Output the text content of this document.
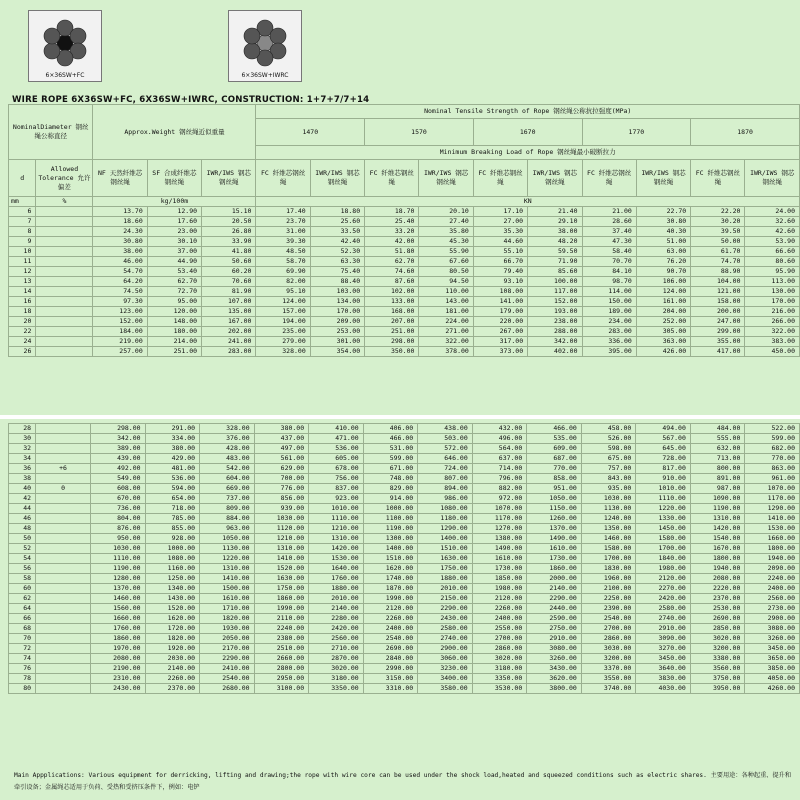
6×36SW+FC	6×36SW+IWRC
WIRE ROPE 6X36SW+FC, 6X36SW+IWRC, CONSTRUCTION: 1+7+7/7+14
NominalDiameter 钢丝绳公称直径		Approx.Weight 钢丝绳近似重量			Nominal Tensile Strength of Rope 钢丝绳公称抗拉强度(MPa)									
					1470		1570		1670		1770		1870	

					Minimum Breaking Load of Rope 钢丝绳最小破断拉力									
d	Allowed Tolerance 允许偏差	NF 天然纤维芯钢丝绳	SF 合成纤维芯钢丝绳	IWR/IWS 钢芯钢丝绳	FC 纤维芯钢丝绳	IWR/IWS 钢芯钢丝绳	FC 纤维芯钢丝绳	IWR/IWS 钢芯钢丝绳	FC 纤维芯钢丝绳	IWR/IWS 钢芯钢丝绳	FC 纤维芯钢丝绳	IWR/IWS 钢芯钢丝绳	FC 纤维芯钢丝绳	IWR/IWS 钢芯钢丝绳
mm	%	kg/100m			KN									
6		13.70	12.90	15.10	17.40	18.80	18.70	20.10	17.10	21.40	21.00	22.70	22.20	24.00
7		18.60	17.60	20.50	23.70	25.60	25.40	27.40	27.00	29.10	28.60	30.80	30.20	32.60
8		24.30	23.00	26.80	31.00	33.50	33.20	35.80	35.30	38.00	37.40	40.30	39.50	42.60
9		30.80	30.10	33.90	39.30	42.40	42.00	45.30	44.60	48.20	47.30	51.00	50.00	53.90
10		38.00	37.00	41.80	48.50	52.30	51.80	55.90	55.10	59.50	58.40	63.00	61.70	66.60
11		46.00	44.90	50.60	58.70	63.30	62.70	67.60	66.70	71.90	70.70	76.20	74.70	80.60
12		54.70	53.40	60.20	69.90	75.40	74.60	80.50	79.40	85.60	84.10	90.70	88.90	95.90
13		64.20	62.70	70.60	82.00	88.40	87.60	94.50	93.10	100.00	98.70	106.00	104.00	113.00
14		74.50	72.70	81.90	95.10	103.00	102.00	110.00	108.00	117.00	114.00	124.00	121.00	130.00
16		97.30	95.00	107.00	124.00	134.00	133.00	143.00	141.00	152.00	150.00	161.00	158.00	170.00
18		123.00	120.00	135.00	157.00	170.00	168.00	181.00	179.00	193.00	189.00	204.00	200.00	216.00
20		152.00	148.00	167.00	194.00	209.00	207.00	224.00	220.00	238.00	234.00	252.00	247.00	266.00
22		184.00	180.00	202.00	235.00	253.00	251.00	271.00	267.00	288.00	283.00	305.00	299.00	322.00
24		219.00	214.00	241.00	279.00	301.00	298.00	322.00	317.00	342.00	336.00	363.00	355.00	383.00
26		257.00	251.00	283.00	328.00	354.00	350.00	378.00	373.00	402.00	395.00	426.00	417.00	450.00
28		298.00	291.00	328.00	380.00	410.00	406.00	438.00	432.00	466.00	458.00	494.00	484.00	522.00
30		342.00	334.00	376.00	437.00	471.00	466.00	503.00	496.00	535.00	526.00	567.00	555.00	599.00
32		389.00	380.00	428.00	497.00	536.00	531.00	572.00	564.00	609.00	598.00	645.00	632.00	682.00
34		439.00	429.00	483.00	561.00	605.00	599.00	646.00	637.00	687.00	675.00	728.00	713.00	770.00
36	+6	492.00	481.00	542.00	629.00	678.00	671.00	724.00	714.00	770.00	757.00	817.00	800.00	863.00
38		549.00	536.00	604.00	700.00	756.00	748.00	807.00	796.00	858.00	843.00	910.00	891.00	961.00
40	0	608.00	594.00	669.00	776.00	837.00	829.00	894.00	882.00	951.00	935.00	1010.00	987.00	1070.00
42		670.00	654.00	737.00	856.00	923.00	914.00	986.00	972.00	1050.00	1030.00	1110.00	1090.00	1170.00
44		736.00	718.00	809.00	939.00	1010.00	1000.00	1080.00	1070.00	1150.00	1130.00	1220.00	1190.00	1290.00
46		804.00	785.00	884.00	1030.00	1110.00	1100.00	1180.00	1170.00	1260.00	1240.00	1330.00	1310.00	1410.00
48		876.00	855.00	963.00	1120.00	1210.00	1190.00	1290.00	1270.00	1370.00	1350.00	1450.00	1420.00	1530.00
50		950.00	928.00	1050.00	1210.00	1310.00	1300.00	1400.00	1380.00	1490.00	1460.00	1580.00	1540.00	1660.00
52		1030.00	1000.00	1130.00	1310.00	1420.00	1400.00	1510.00	1490.00	1610.00	1580.00	1700.00	1670.00	1800.00
54		1110.00	1080.00	1220.00	1410.00	1530.00	1510.00	1630.00	1610.00	1730.00	1700.00	1840.00	1800.00	1940.00
56		1190.00	1160.00	1310.00	1520.00	1640.00	1620.00	1750.00	1730.00	1860.00	1830.00	1980.00	1940.00	2090.00
58		1280.00	1250.00	1410.00	1630.00	1760.00	1740.00	1880.00	1850.00	2000.00	1960.00	2120.00	2080.00	2240.00
60		1370.00	1340.00	1500.00	1750.00	1880.00	1870.00	2010.00	1980.00	2140.00	2100.00	2270.00	2220.00	2400.00
62		1460.00	1430.00	1610.00	1860.00	2010.00	1990.00	2150.00	2120.00	2290.00	2250.00	2420.00	2370.00	2560.00
64		1560.00	1520.00	1710.00	1990.00	2140.00	2120.00	2290.00	2260.00	2440.00	2390.00	2580.00	2530.00	2730.00
66		1660.00	1620.00	1820.00	2110.00	2280.00	2260.00	2430.00	2400.00	2590.00	2540.00	2740.00	2690.00	2900.00
68		1760.00	1720.00	1930.00	2240.00	2420.00	2400.00	2580.00	2550.00	2750.00	2700.00	2910.00	2850.00	3080.00
70		1860.00	1820.00	2050.00	2380.00	2560.00	2540.00	2740.00	2700.00	2910.00	2860.00	3090.00	3020.00	3260.00
72		1970.00	1920.00	2170.00	2510.00	2710.00	2690.00	2900.00	2860.00	3080.00	3030.00	3270.00	3200.00	3450.00
74		2080.00	2030.00	2290.00	2660.00	2870.00	2840.00	3060.00	3020.00	3260.00	3200.00	3450.00	3380.00	3650.00
76		2190.00	2140.00	2410.00	2800.00	3020.00	2990.00	3230.00	3180.00	3430.00	3370.00	3640.00	3560.00	3850.00
78		2310.00	2260.00	2540.00	2950.00	3180.00	3150.00	3400.00	3350.00	3620.00	3550.00	3830.00	3750.00	4050.00
80		2430.00	2370.00	2680.00	3100.00	3350.00	3310.00	3580.00	3530.00	3800.00	3740.00	4030.00	3950.00	4260.00
Main Appplications: Various equipment for derricking, lifting and drawing;the rope with wire core can be used under the shock load,heated and squeezed conditions such as electric shares. 主要用途：各种起重、提升和牵引设备；金属绳芯适用于负荷、受热和受挤压条件下，例如：电铲
